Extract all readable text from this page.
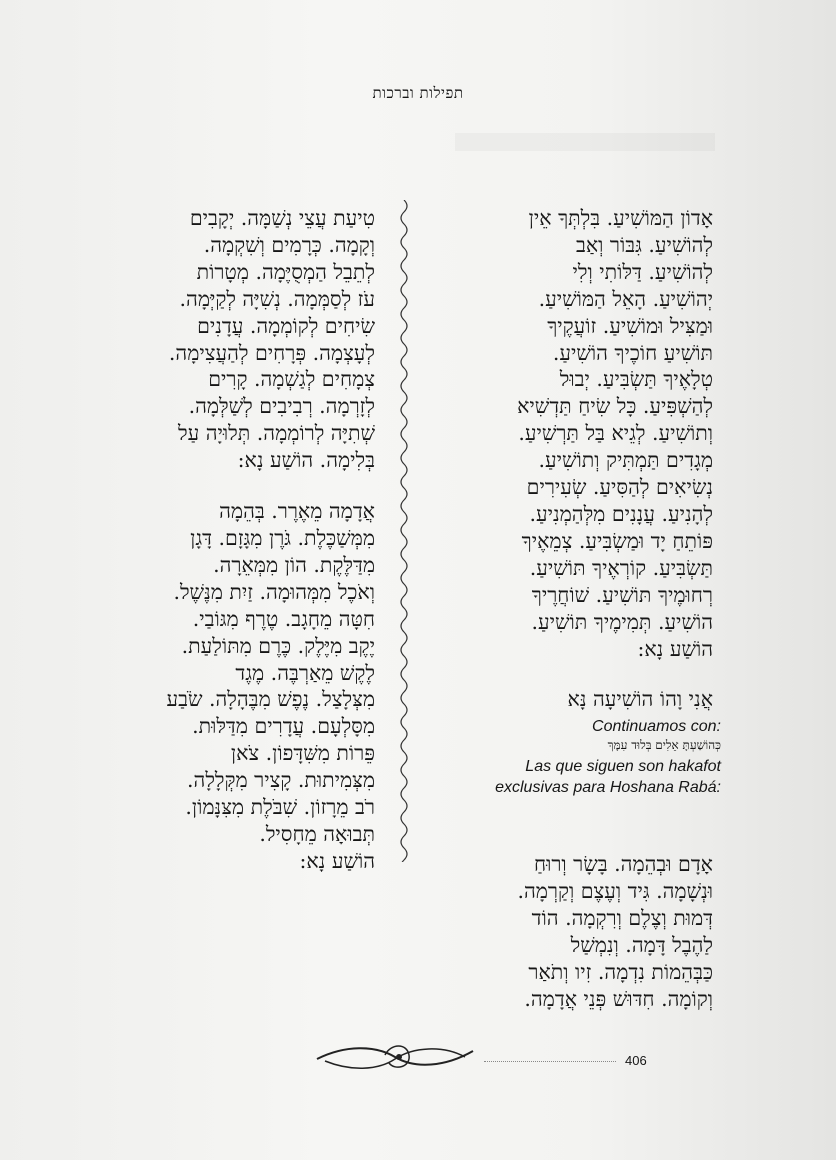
תפילות וברכות
אָדוֹן הַמּוֹשִׁיעַ. בִּלְתְּךָ אֵין
לְהוֹשִׁיעַ. גִּבּוֹר וְאַב
לְהוֹשִׁיעַ. דַּלּוֹתִי וְלִי
יְהוֹשִׁיעַ. הָאֵל הַמּוֹשִׁיעַ.
וּמַצִּיל וּמוֹשִׁיעַ. זוֹעֲקֶיךָ
תּוֹשִׁיעַ חוֹכֶיךָ הוֹשִׁיעַ.
טְלָאֶיךָ תַּשְׂבִּיעַ. יְבוּל
לְהַשְׁפִּיעַ. כָּל שִׂיחַ תַּדְשִׁיא
וְתוֹשִׁיעַ. לְגֵיא בַּל תַּרְשִׁיעַ.
מְגָדִים תַּמְתִּיק וְתוֹשִׁיעַ.
נְשִׂיאִים לְהַסִּיעַ. שְׂעִירִים
לְהָנִיעַ. עֲנָנִים מִלְּהַמְנִיעַ.
פּוֹתֵחַ יָד וּמַשְׂבִּיעַ. צְמֵאֶיךָ
תַּשְׂבִּיעַ. קוֹרְאֶיךָ תּוֹשִׁיעַ.
רְחוּמֶיךָ תּוֹשִׁיעַ. שׁוֹחֲרֶיךָ
הוֹשִׁיעַ. תְּמִימֶיךָ תּוֹשִׁיעַ.
הוֹשַׁע נָא:
אֲנִי וָהוֹ הוֹשִׁיעָה נָּא
טִיעַת עֲצֵי נְשַׁמָּה. יְקָבִים
וְקָמָה. כְּרָמִים וְשִׁקְמָה.
לְתֵבֵל הַמְסֻיֶּמָה. מְטָרוֹת
עֹז לְסַמְּמָה. נְשִׁיָּה לְקַיְּמָה.
שִׂיחִים לְקוֹמְמָה. עֲדָנִים
לְעָצְמָה. פְּרָחִים לְהַעֲצִימָה.
צְמָחִים לְגַשְׁמָה. קָרִים
לְזָרְמָה. רְבִיבִים לְשַׁלְּמָה.
שְׁתִיָּה לְרוֹמְמָה. תְּלוּיָה עַל
בְּלִימָה. הוֹשַׁע נָא:
אֲדָמָה מֵאֶרֶר. בְּהֵמָה
מִמְּשַׁכֶּלֶת. גֹּרֶן מִגָּזָם. דָּגָן
מִדַּלֶּקֶת. הוֹן מִמְּאֵרָה.
וְאֹכֶל מִמְּהוּמָה. זַיִת מִנֶּשֶׁל.
חִטָּה מֵחָגָב. טֶרֶף מִגּוֹבַי.
יֶקֶב מִיֶּלֶק. כֶּרֶם מִתּוֹלַעַת.
לֶקֶשׁ מֵאַרְבֶּה. מֶגֶד
מִצְּלָצַל. נֶפֶשׁ מִבֶּהָלָה. שֹׂבַע
מִסָּלְעָם. עֲדָרִים מִדַּלּוּת.
פֵּרוֹת מִשִּׁדָּפוֹן. צֹאן
מִצְּמִיתוּת. קָצִיר מִקְּלָלָה.
רֹב מֵרָזוֹן. שִׁבֹּלֶת מִצִּנָּמוֹן.
תְּבוּאָה מֵחָסִיל.
הוֹשַׁע נָא:
Continuamos con:
כְּהוֹשַׁעְתָּ אֵלִים בְּלוּד עִמָּךְ
Las que siguen son hakafot exclusivas para Hoshana Rabá:
אָדָם וּבְהֵמָה. בָּשָׂר וְרוּחַ
וּנְשָׁמָה. גִּיד וְעֶצֶם וְקַרְמָה.
דְּמוּת וְצֶלֶם וְרִקְמָה. הוֹד
לַהֶבֶל דָּמָה. וְנִמְשַׁל
כַּבְּהֵמוֹת נִדְמָה. זִיו וְתֹאַר
וְקוֹמָה. חִדּוּשׁ פְּנֵי אֲדָמָה.
406
